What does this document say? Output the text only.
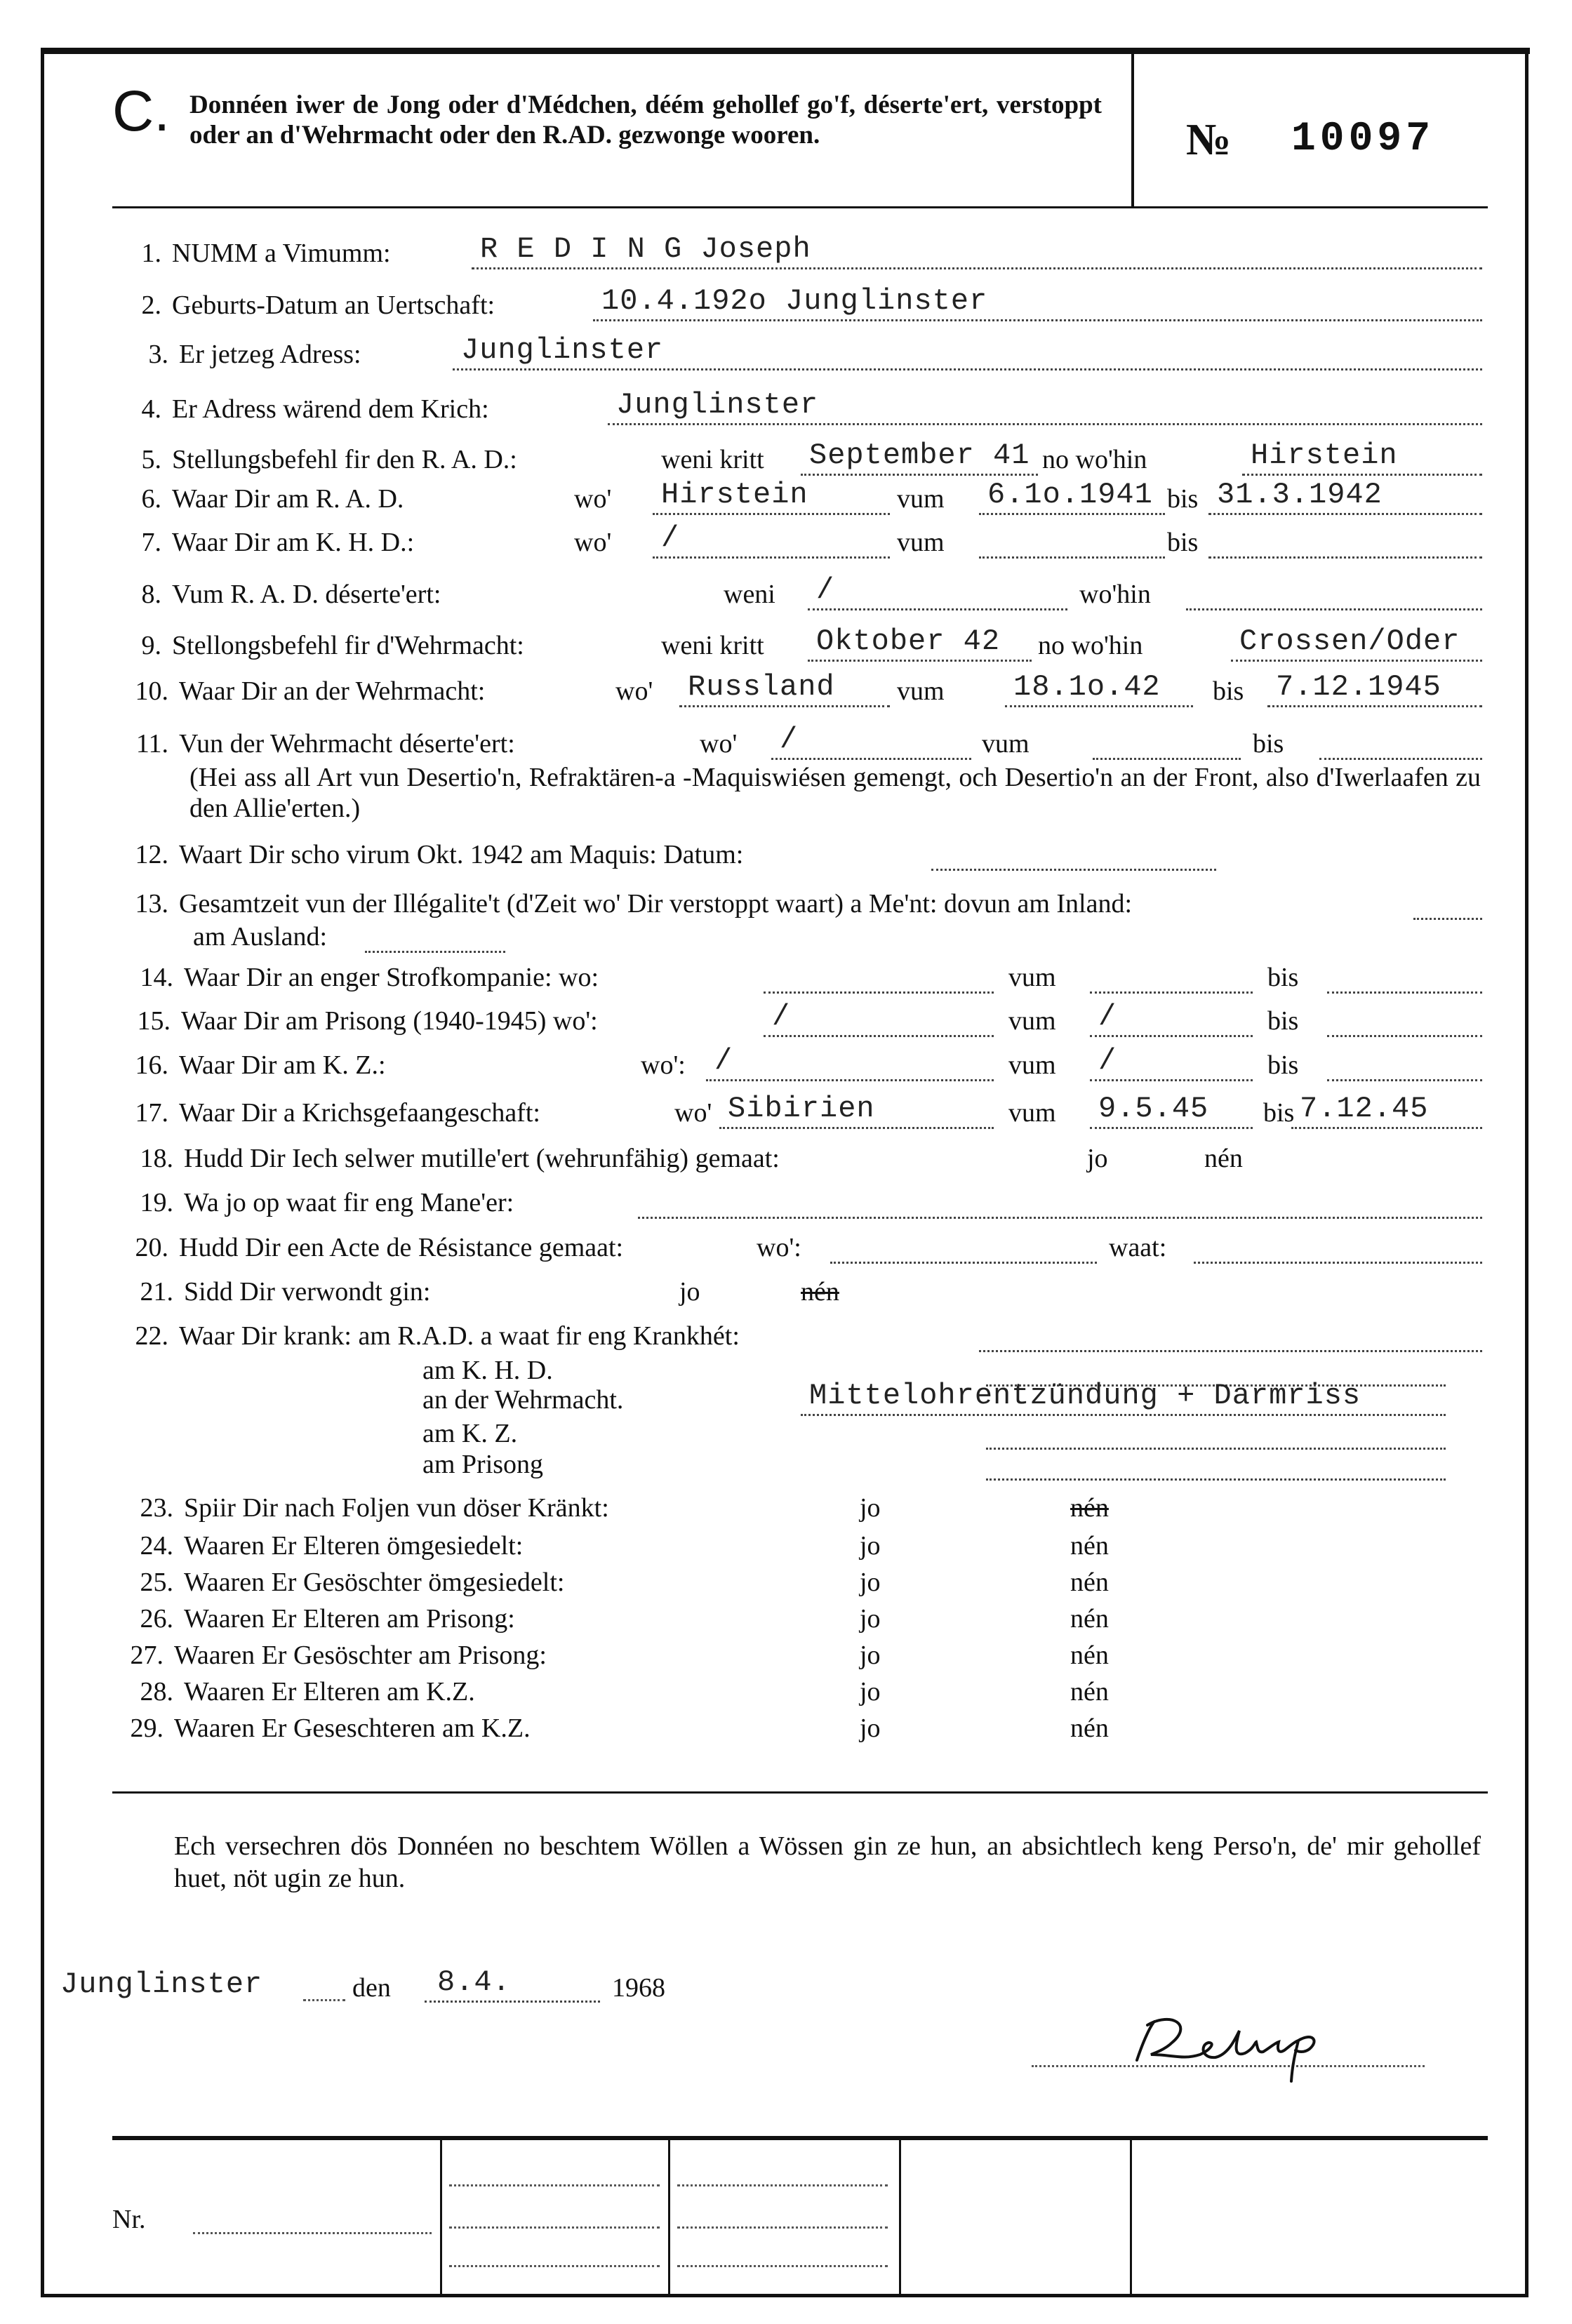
C. Donnéen iwer de Jong oder d'Médchen, déém gehollef go'f, déserte'ert, verstoppt oder an d'Wehrmacht oder den R.AD. gezwonge wooren.	№ 10097
1. NUMM a Vimumm:	R E D I N G Joseph
2. Geburts-Datum an Uertschaft:	10.4.192o Junglinster
3. Er jetzeg Adress:	Junglinster
4. Er Adress wärend dem Krich:	Junglinster
5. Stellungsbefehl fir den R. A. D.:	weni kritt September 41 no wo'hin	Hirstein
6. Waar Dir am R. A. D.	wo' Hirstein	vum 6.1o.1941 bis 31.3.1942
7. Waar Dir am K. H. D.:	wo' /	vum	bis
8. Vum R. A. D. déserte'ert:	weni /	wo'hin
9. Stellongsbefehl fir d'Wehrmacht:	weni kritt Oktober 42 no wo'hin	Crossen/Oder
10. Waar Dir an der Wehrmacht:	wo' Russland vum 18.1o.42 bis 7.12.1945
11. Vun der Wehrmacht déserte'ert:	wo' /	vum	bis
12. Waart Dir scho virum Okt. 1942 am Maquis: Datum:
13. Gesamtzeit vun der Illégalite't (d'Zeit wo' Dir verstoppt waart) a Me'nt: dovun am Inland:
14. Waar Dir an enger Strofkompanie: wo:	vum	bis
15. Waar Dir am Prisong (1940-1945) wo':	/	vum /	bis
16. Waar Dir am K. Z.:	wo': /	vum /	bis
17. Waar Dir a Krichsgefaangeschaft:	wo' Sibirien	vum 9.5.45 bis 7.12.45
18. Hudd Dir Iech selwer mutille'ert (wehrunfähig) gemaat:	jo	nén
19. Wa jo op waat fir eng Mane'er:
20. Hudd Dir een Acte de Résistance gemaat:	wo':	waat:
21. Sidd Dir verwondt gin:	jo	nén
22. Waar Dir krank: am R.A.D. a waat fir eng Krankhét:
am K. H. D.
an der Wehrmacht.	Mittelohrentzündung + Darmriss
am K. Z.
am Prisong
23. Spiir Dir nach Foljen vun döser Kränkt:	jo	nén
24. Waaren Er Elteren ömgesiedelt:	jo	nén
25. Waaren Er Gesöschter ömgesiedelt:	jo	nén
26. Waaren Er Elteren am Prisong:	jo	nén
27. Waaren Er Gesöschter am Prisong:	jo	nén
28. Waaren Er Elteren am K.Z.	jo	nén
29. Waaren Er Geseschteren am K.Z.	jo	nén
(Hei ass all Art vun Desertio'n, Refraktären-a -Maquiswiésen gemengt, och Desertio'n an der Front, also d'Iwerlaafen zu den Allie'erten.)
am Ausland:
Ech versechren dös Donnéen no beschtem Wöllen a Wössen gin ze hun, an absichtlech keng Perso'n, de' mir gehollef huet, nöt ugin ze hun.
Junglinster	den 8.4.	1968
Nr.
